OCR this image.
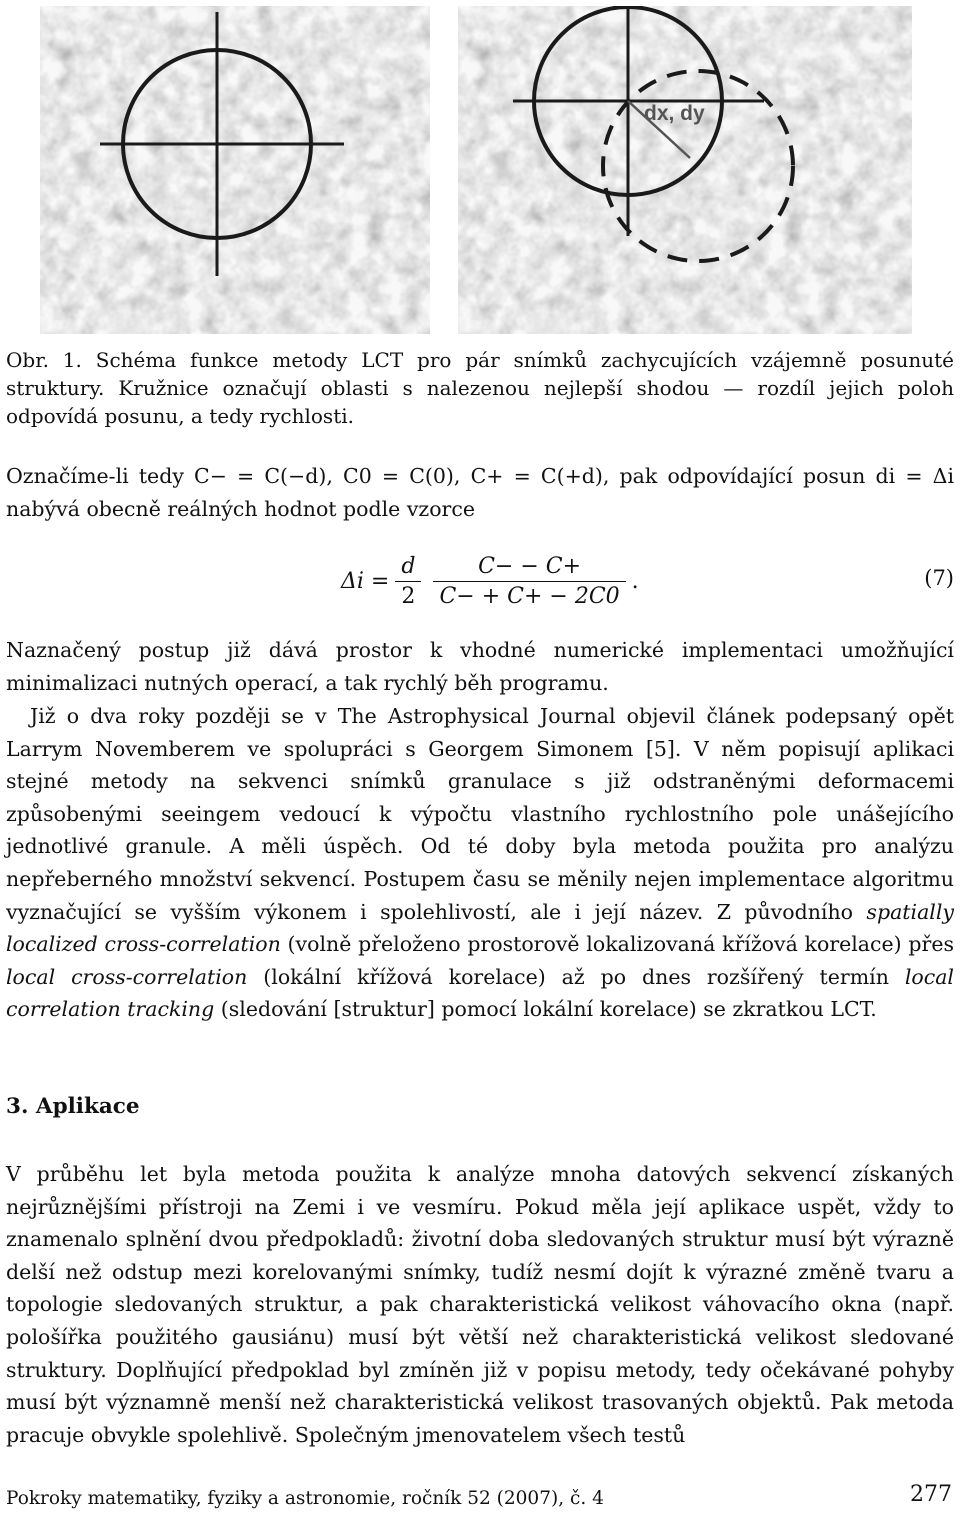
dx, dy

Obr. 1. Schéma funkce metody LCT pro pár snímků zachycujících vzájemně posunuté struktury. Kružnice označují oblasti s nalezenou nejlepší shodou — rozdíl jejich poloh odpovídá posunu, a tedy rychlosti.

Označíme-li tedy C− = C(−d), C0 = C(0), C+ = C(+d), pak odpovídající posun di = Δi nabývá obecně reálných hodnot podle vzorce

$\Delta i = \frac{d}{2} \frac{C- - C+}{C- + C+ - 2C0}$ .	(7)

Naznačený postup již dává prostor k vhodné numerické implementaci umožňující minimalizaci nutných operací, a tak rychlý běh programu.

Již o dva roky později se v The Astrophysical Journal objevil článek podepsaný opět Larrym Novemberem ve spolupráci s Georgem Simonem [5]. V něm popisují aplikaci stejné metody na sekvenci snímků granulace s již odstraněnými deformacemi způsobenými seeingem vedoucí k výpočtu vlastního rychlostního pole unášejícího jednotlivé granule. A měli úspěch. Od té doby byla metoda použita pro analýzu nepřeberného množství sekvencí. Postupem času se měnily nejen implementace algoritmu vyznačující se vyšším výkonem i spolehlivostí, ale i její název. Z původního spatially localized cross-correlation (volně přeloženo prostorově lokalizovaná křížová korelace) přes local cross-correlation (lokální křížová korelace) až po dnes rozšířený termín local correlation tracking (sledování [struktur] pomocí lokální korelace) se zkratkou LCT.

3. Aplikace

V průběhu let byla metoda použita k analýze mnoha datových sekvencí získaných nejrůznějšími přístroji na Zemi i ve vesmíru. Pokud měla její aplikace uspět, vždy to znamenalo splnění dvou předpokladů: životní doba sledovaných struktur musí být výrazně delší než odstup mezi korelovanými snímky, tudíž nesmí dojít k výrazné změně tvaru a topologie sledovaných struktur, a pak charakteristická velikost váhovacího okna (např. pološířka použitého gausiánu) musí být větší než charakteristická velikost sledované struktury. Doplňující předpoklad byl zmíněn již v popisu metody, tedy očekávané pohyby musí být významně menší než charakteristická velikost trasovaných objektů. Pak metoda pracuje obvykle spolehlivě. Společným jmenovatelem všech testů

Pokroky matematiky, fyziky a astronomie, ročník 52 (2007), č. 4	277
